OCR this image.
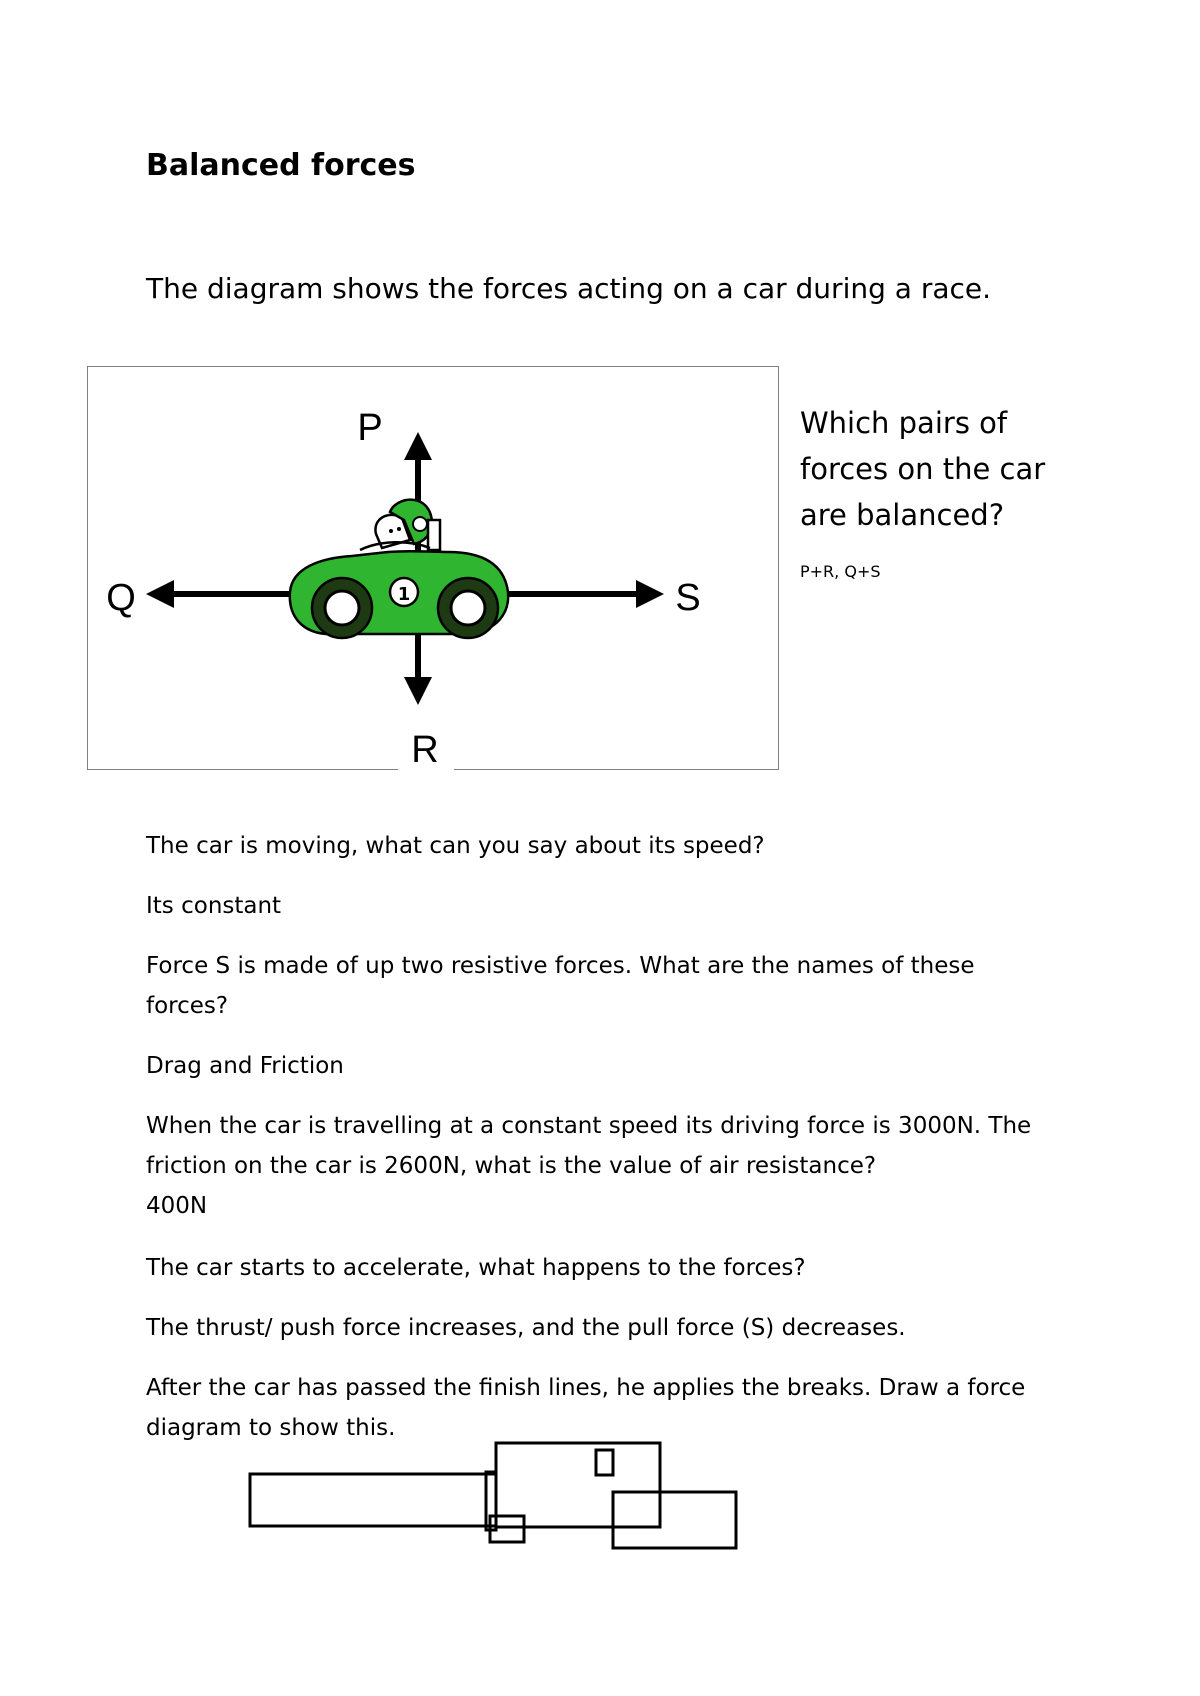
Balanced forces
The diagram shows the forces acting on a car during a race.
1
P
Q	S
R
Which pairs of forces on the car are balanced?
P+R, Q+S
The car is moving, what can you say about its speed?
Its constant
Force S is made of up two resistive forces. What are the names of these forces?
Drag and Friction
When the car is travelling at a constant speed its driving force is 3000N. The friction on the car is 2600N, what is the value of air resistance?
400N
The car starts to accelerate, what happens to the forces?
The thrust/ push force increases, and the pull force (S) decreases.
After the car has passed the finish lines, he applies the breaks. Draw a force diagram to show this.
